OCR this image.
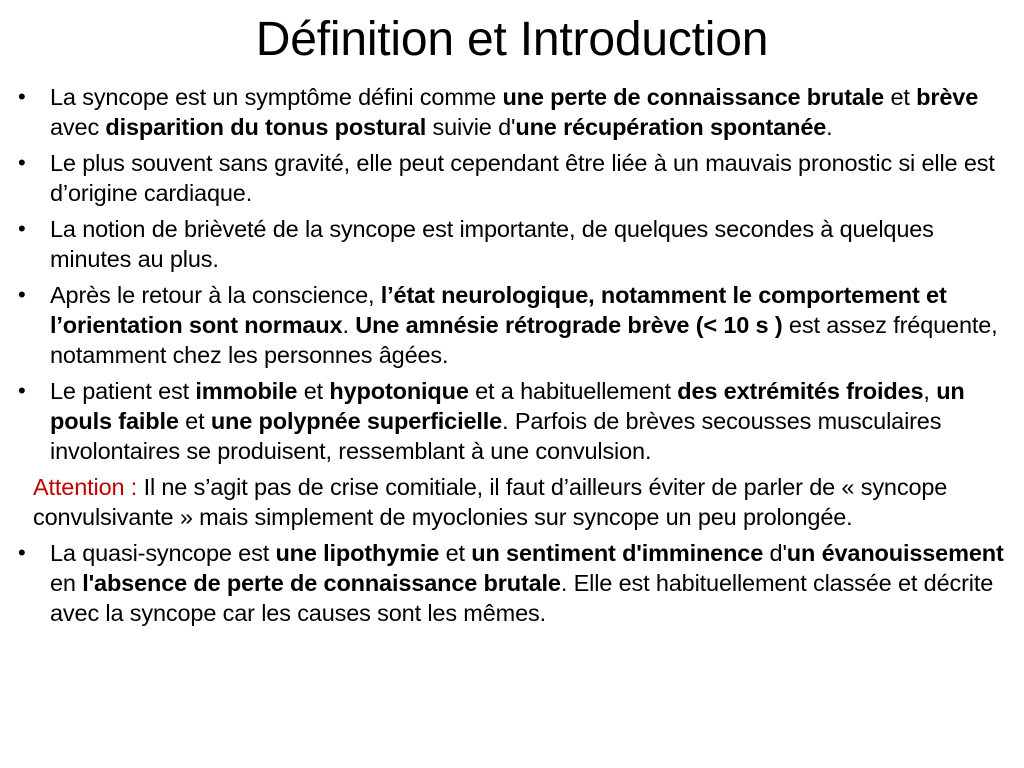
Définition et Introduction
•	La syncope est un symptôme défini comme une perte de connaissance brutale et brève avec disparition du tonus postural suivie d'une récupération spontanée.
•	Le plus souvent sans gravité, elle peut cependant être liée à un mauvais pronostic si elle est d’origine cardiaque.
•	La notion de brièveté de la syncope est importante, de quelques secondes à quelques minutes au plus.
•	Après le retour à la conscience, l’état neurologique, notamment le comportement et l’orientation sont normaux. Une amnésie rétrograde brève (< 10 s ) est assez fréquente, notamment chez les personnes âgées.
•	Le patient est immobile et hypotonique et a habituellement des extrémités froides, un pouls faible et une polypnée superficielle. Parfois de brèves secousses musculaires involontaires se produisent, ressemblant à une convulsion.
Attention : Il ne s’agit pas de crise comitiale, il faut d’ailleurs éviter de parler de « syncope convulsivante » mais simplement de myoclonies sur syncope un peu prolongée.
•	La quasi-syncope est une lipothymie et un sentiment d'imminence d'un évanouissement en l'absence de perte de connaissance brutale. Elle est habituellement classée et décrite avec la syncope car les causes sont les mêmes.
